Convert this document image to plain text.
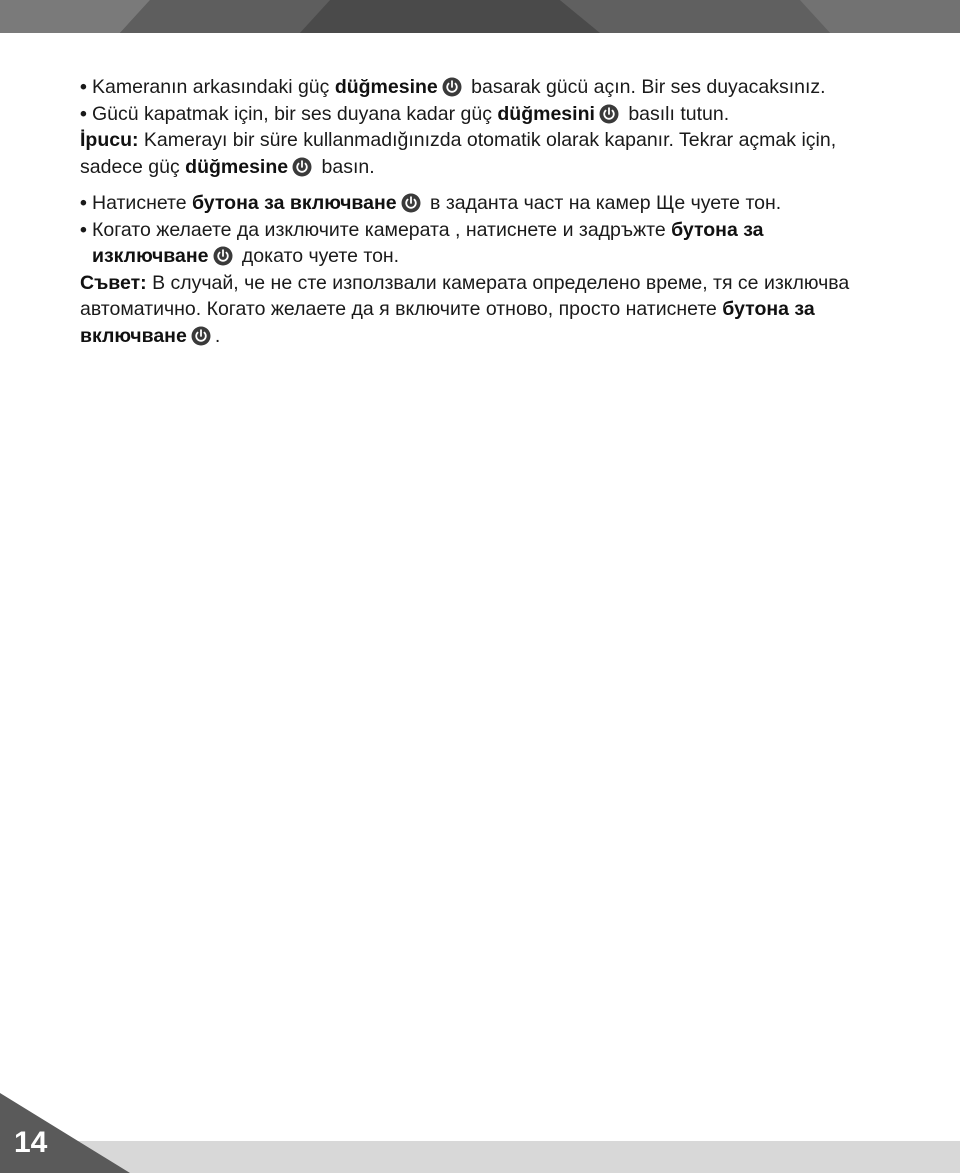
• Kameranın arkasındaki güç düğmesine
basarak gücü açın. Bir ses duyacaksınız.
• Gücü kapatmak için, bir ses duyana kadar güç düğmesini
basılı tutun.
İpucu: Kamerayı bir süre kullanmadığınızda otomatik olarak kapanır. Tekrar açmak için,
sadece güç düğmesine
basın.
• Натиснете бутона за включване
в заданта част на камер Ще чуете тон.
• Когато желаете да изключите камерата , натиснете и задръжте бутона за
изключване
докато чуете тон.
Съвет: В случай, че не сте използвали камерата определено време, тя се изключва
автоматично. Когато желаете да я включите отново, просто натиснете бутона за
включване .
14
